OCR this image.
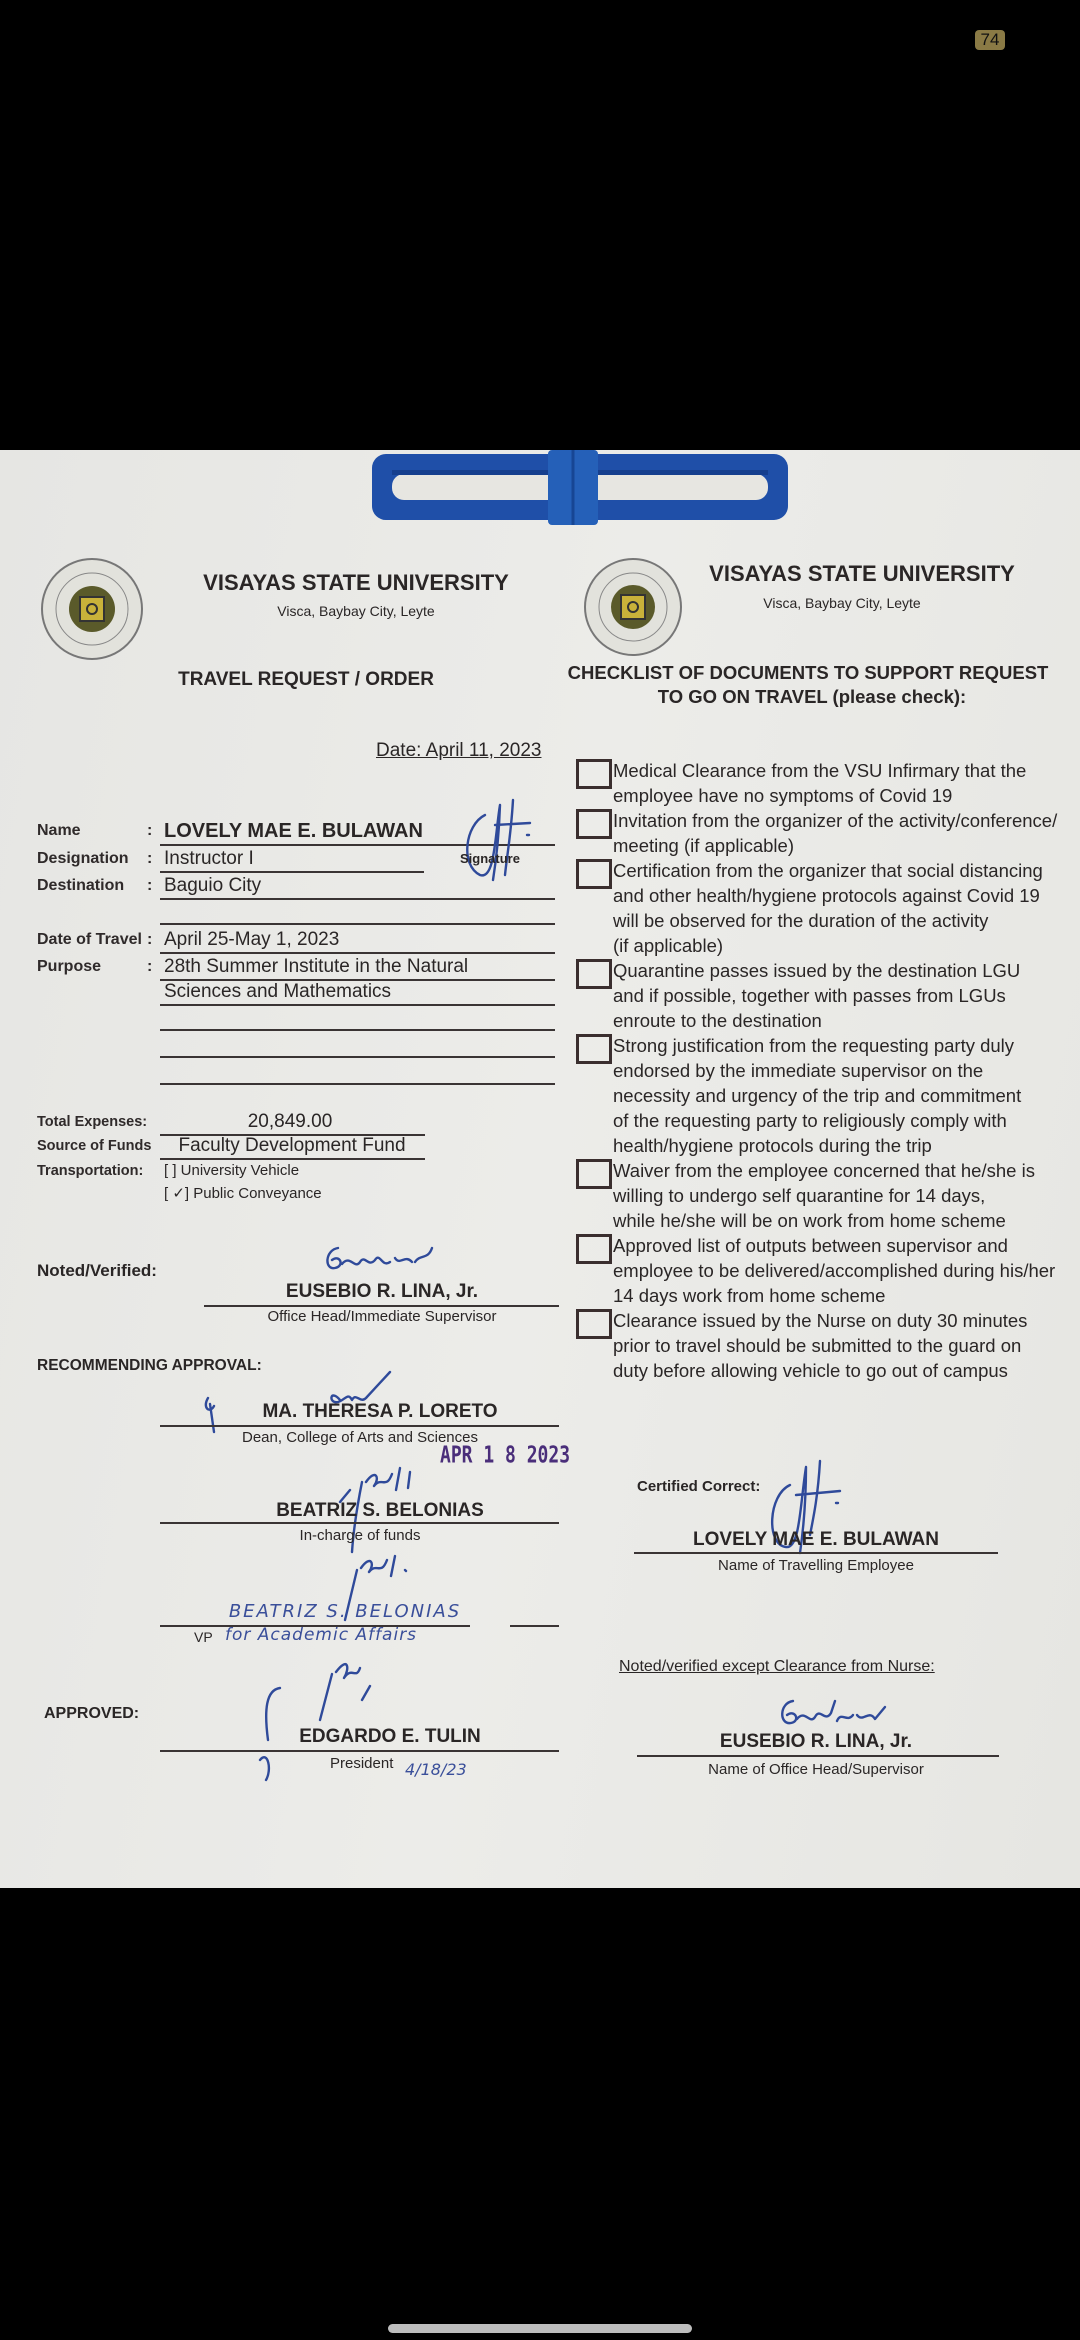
74
VISAYAS STATE UNIVERSITY
Visca, Baybay City, Leyte
TRAVEL REQUEST / ORDER
Date: April 11, 2023
Name	: LOVELY MAE E. BULAWAN
Signature
Designation : Instructor I
Destination : Baguio City
Date of Travel : April 25-May 1, 2023
Purpose	: 28th Summer Institute in the Natural
Sciences and Mathematics
Total Expenses:	20,849.00
Source of Funds Faculty Development Fund
Transportation: [ ] University Vehicle
[ ✓] Public Conveyance
Noted/Verified:
EUSEBIO R. LINA, Jr.
Office Head/Immediate Supervisor
RECOMMENDING APPROVAL:
MA. THERESA P. LORETO
Dean, College of Arts and Sciences
APR 1 8 2023
BEATRIZ S. BELONIAS
In-charge of funds
BEATRIZ S. BELONIAS
VP for Academic Affairs
APPROVED:
EDGARDO E. TULIN
President 4/18/23
VISAYAS STATE UNIVERSITY
Visca, Baybay City, Leyte
CHECKLIST OF DOCUMENTS TO SUPPORT REQUEST
TO GO ON TRAVEL (please check):
Medical Clearance from the VSU Infirmary that the
employee have no symptoms of Covid 19
Invitation from the organizer of the activity/conference/
meeting (if applicable)
Certification from the organizer that social distancing
and other health/hygiene protocols against Covid 19
will be observed for the duration of the activity
(if applicable)
Quarantine passes issued by the destination LGU
and if possible, together with passes from LGUs
enroute to the destination
Strong justification from the requesting party duly
endorsed by the immediate supervisor on the
necessity and urgency of the trip and commitment
of the requesting party to religiously comply with
health/hygiene protocols during the trip
Waiver from the employee concerned that he/she is
willing to undergo self quarantine for 14 days,
while he/she will be on work from home scheme
Approved list of outputs between supervisor and
employee to be delivered/accomplished during his/her
14 days work from home scheme
Clearance issued by the Nurse on duty 30 minutes
prior to travel should be submitted to the guard on
duty before allowing vehicle to go out of campus
Certified Correct:
LOVELY MAE E. BULAWAN
Name of Travelling Employee
Noted/verified except Clearance from Nurse:
EUSEBIO R. LINA, Jr.
Name of Office Head/Supervisor
